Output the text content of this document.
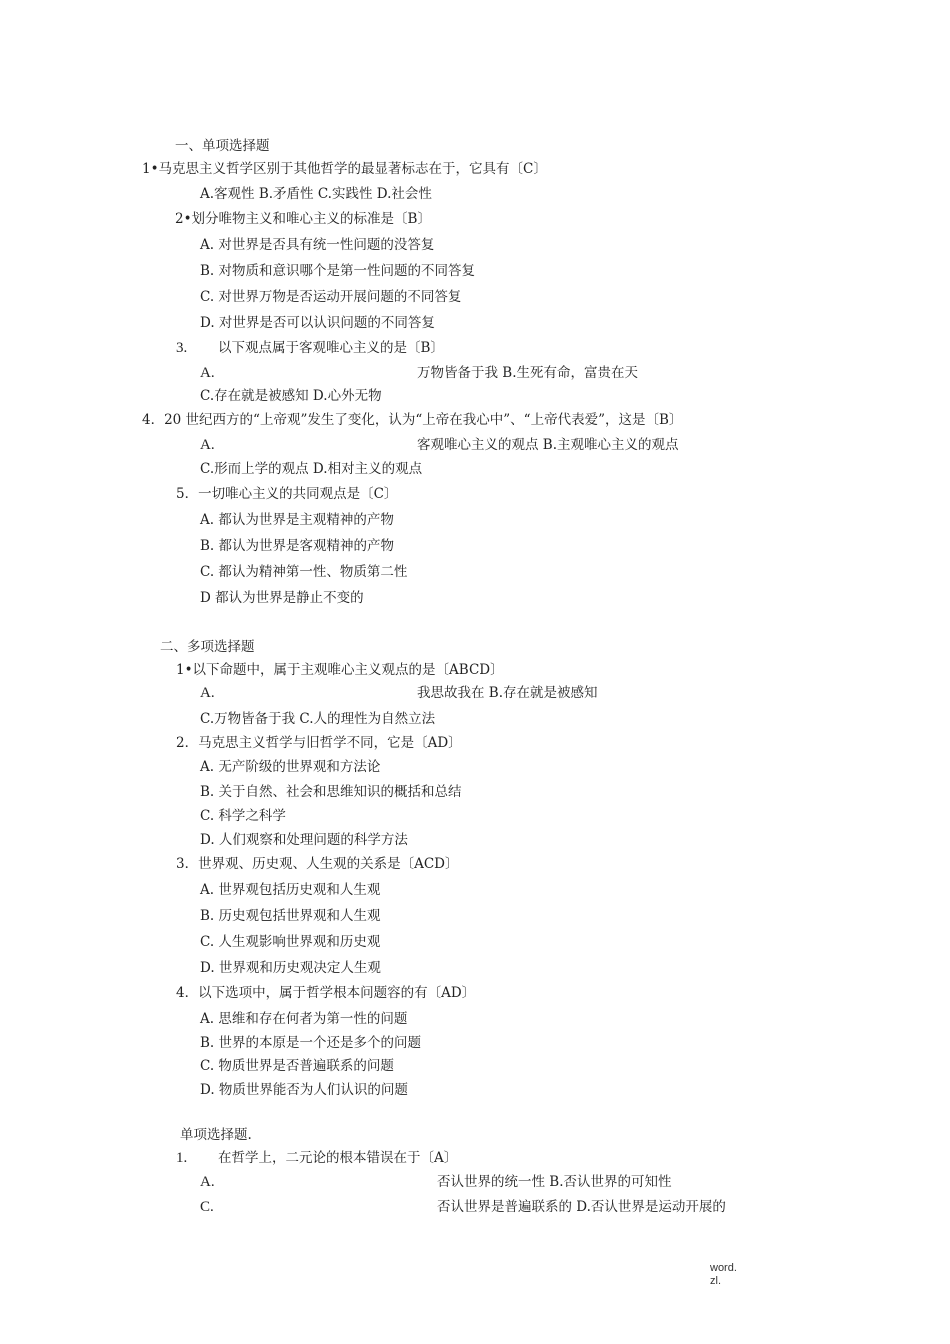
一、单项选择题
1•马克思主义哲学区别于其他哲学的最显著标志在于，它具有〔C〕
A.客观性 B.矛盾性 C.实践性 D.社会性
2•划分唯物主义和唯心主义的标准是〔B〕
A. 对世界是否具有统一性问题的没答复
B. 对物质和意识哪个是第一性问题的不同答复
C. 对世界万物是否运动开展问题的不同答复
D. 对世界是否可以认识问题的不同答复
3. 以下观点属于客观唯心主义的是〔B〕
A.	万物皆备于我 B.生死有命，富贵在天
C.存在就是被感知 D.心外无物
4．20 世纪西方的“上帝观”发生了变化，认为“上帝在我心中”、“上帝代表爱”，这是〔B〕
A.	客观唯心主义的观点 B.主观唯心主义的观点
C.形而上学的观点 D.相对主义的观点
5．一切唯心主义的共同观点是〔C〕
A. 都认为世界是主观精神的产物
B. 都认为世界是客观精神的产物
C. 都认为精神第一性、物质第二性
D 都认为世界是静止不变的
二、多项选择题
1•以下命题中，属于主观唯心主义观点的是〔ABCD〕
A.	我思故我在 B.存在就是被感知
C.万物皆备于我 C.人的理性为自然立法
2．马克思主义哲学与旧哲学不同，它是〔AD〕
A. 无产阶级的世界观和方法论
B. 关于自然、社会和思维知识的概括和总结
C. 科学之科学
D. 人们观察和处理问题的科学方法
3．世界观、历史观、人生观的关系是〔ACD〕
A. 世界观包括历史观和人生观
B. 历史观包括世界观和人生观
C. 人生观影响世界观和历史观
D. 世界观和历史观决定人生观
4．以下选项中，属于哲学根本问题容的有〔AD〕
A. 思维和存在何者为第一性的问题
B. 世界的本原是一个还是多个的问题
C. 物质世界是否普遍联系的问题
D. 物质世界能否为人们认识的问题
单项选择题.
1. 在哲学上，二元论的根本错误在于〔A〕
A.	否认世界的统一性 B.否认世界的可知性
C.	否认世界是普遍联系的 D.否认世界是运动开展的
word.
zl.
